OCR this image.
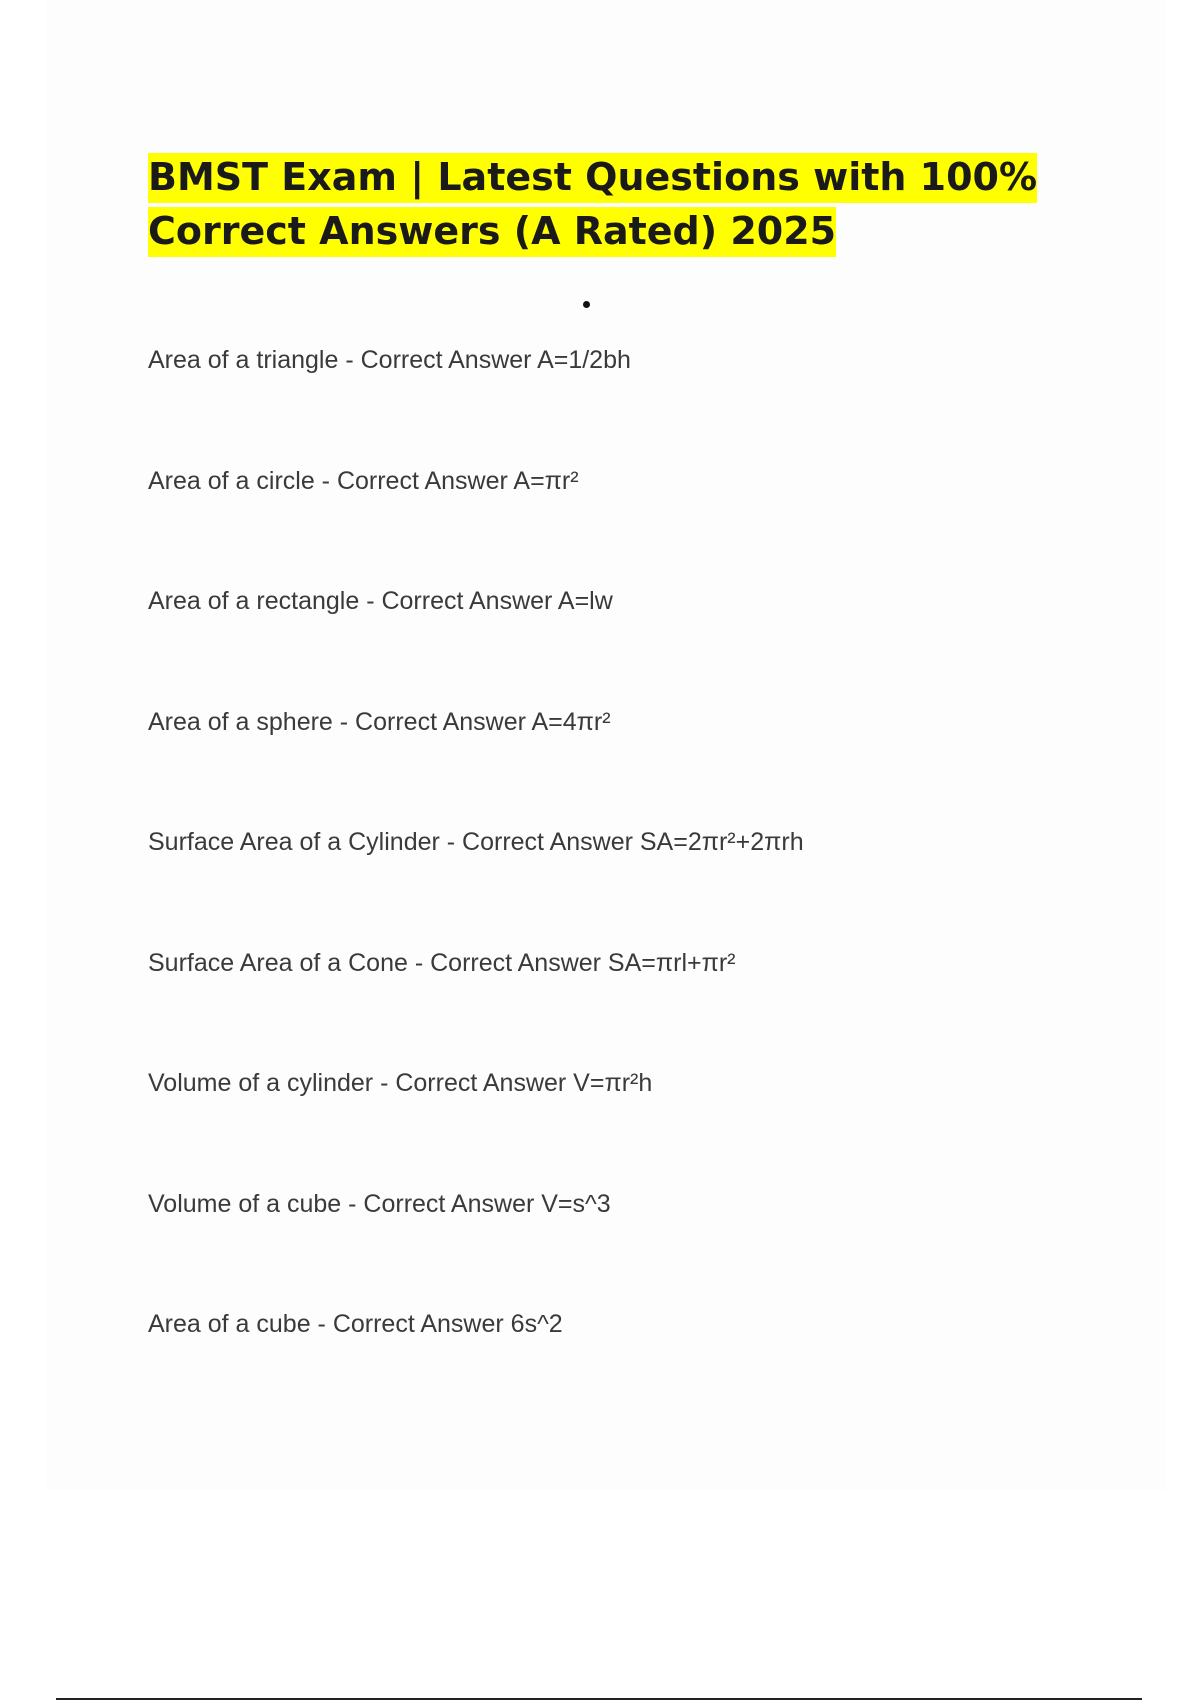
BMST Exam | Latest Questions with 100% Correct Answers (A Rated) 2025
Area of a triangle - Correct Answer A=1/2bh
Area of a circle - Correct Answer A=πr²
Area of a rectangle - Correct Answer A=lw
Area of a sphere - Correct Answer A=4πr²
Surface Area of a Cylinder - Correct Answer SA=2πr²+2πrh
Surface Area of a Cone - Correct Answer SA=πrl+πr²
Volume of a cylinder - Correct Answer V=πr²h
Volume of a cube - Correct Answer V=s^3
Area of a cube - Correct Answer 6s^2
